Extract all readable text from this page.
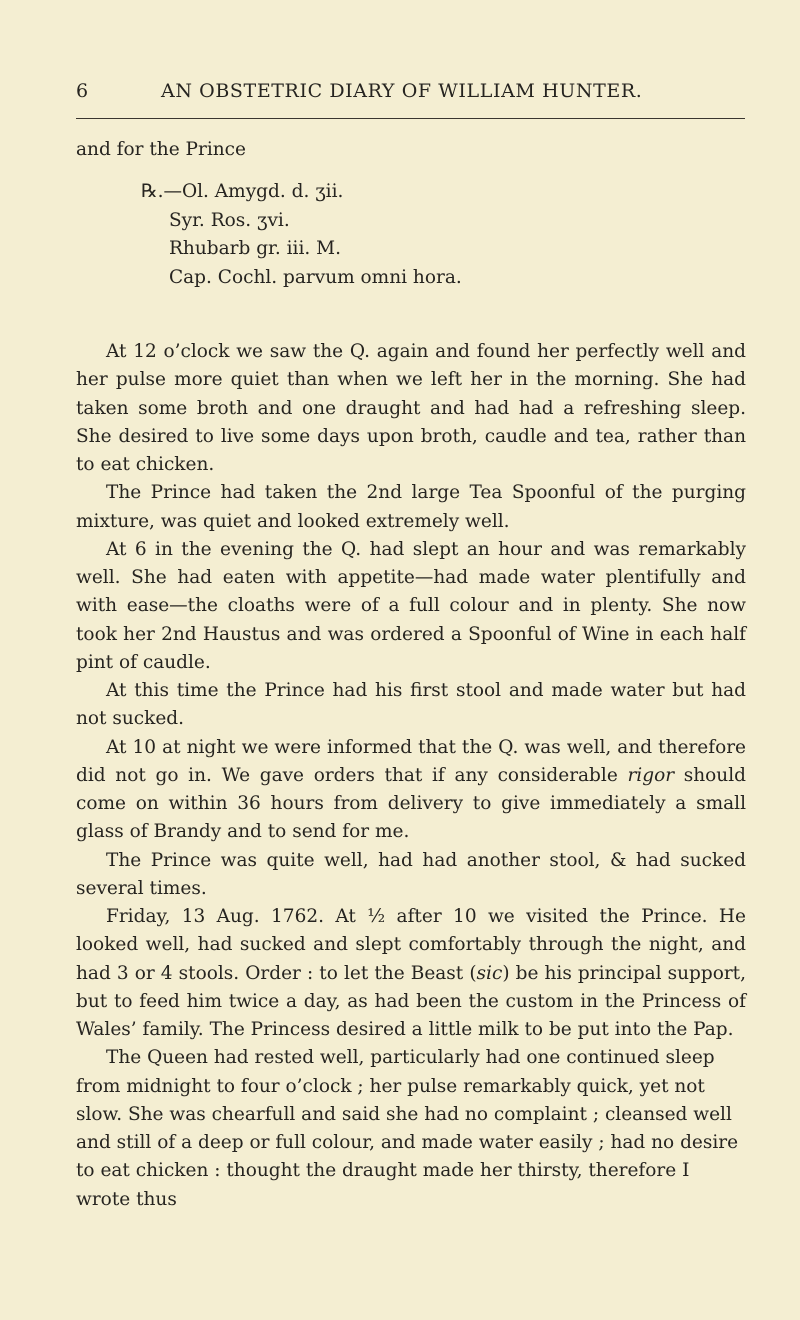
6	AN OBSTETRIC DIARY OF WILLIAM HUNTER.
and for the Prince
℞.—Ol. Amygd. d. ʒii.
Syr. Ros. ʒvi.
Rhubarb gr. iii. M.
Cap. Cochl. parvum omni hora.

At 12 o’clock we saw the Q. again and found her perfectly well and her pulse more quiet than when we left her in the morning. She had taken some broth and one draught and had had a refreshing sleep. She desired to live some days upon broth, caudle and tea, rather than to eat chicken.

The Prince had taken the 2nd large Tea Spoonful of the purging mixture, was quiet and looked extremely well.

At 6 in the evening the Q. had slept an hour and was remarkably well. She had eaten with appetite—had made water plentifully and with ease—the cloaths were of a full colour and in plenty. She now took her 2nd Haustus and was ordered a Spoonful of Wine in each half pint of caudle.

At this time the Prince had his first stool and made water but had not sucked.

At 10 at night we were informed that the Q. was well, and therefore did not go in. We gave orders that if any considerable rigor should come on within 36 hours from delivery to give immediately a small glass of Brandy and to send for me.

The Prince was quite well, had had another stool, & had sucked several times.

Friday, 13 Aug. 1762. At ½ after 10 we visited the Prince. He looked well, had sucked and slept comfortably through the night, and had 3 or 4 stools. Order : to let the Beast (sic) be his principal support, but to feed him twice a day, as had been the custom in the Princess of Wales’ family. The Princess desired a little milk to be put into the Pap.

The Queen had rested well, particularly had one continued sleep from midnight to four o’clock ; her pulse remarkably quick, yet not slow. She was chearfull and said she had no complaint ; cleansed well and still of a deep or full colour, and made water easily ; had no desire to eat chicken : thought the draught made her thirsty, therefore I wrote thus
